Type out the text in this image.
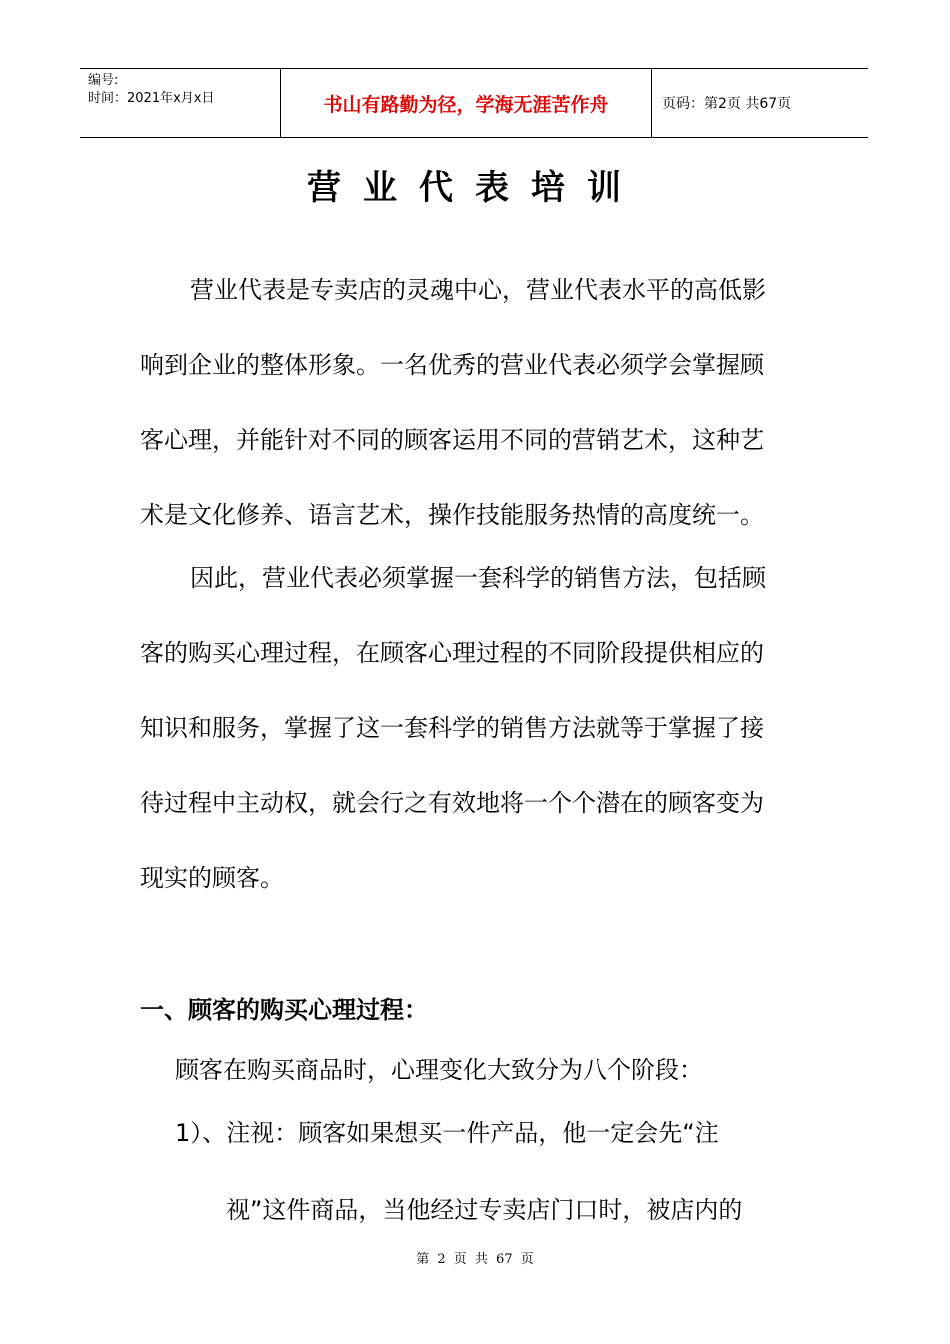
编号:
时间：2021年x月x日	书山有路勤为径，学海无涯苦作舟	页码：第2页 共67页
营业代表培训
营业代表是专卖店的灵魂中心，营业代表水平的高低影
响到企业的整体形象。一名优秀的营业代表必须学会掌握顾
客心理，并能针对不同的顾客运用不同的营销艺术，这种艺
术是文化修养、语言艺术，操作技能服务热情的高度统一。
因此，营业代表必须掌握一套科学的销售方法，包括顾
客的购买心理过程，在顾客心理过程的不同阶段提供相应的
知识和服务，掌握了这一套科学的销售方法就等于掌握了接
待过程中主动权，就会行之有效地将一个个潜在的顾客变为
现实的顾客。
一、顾客的购买心理过程：
顾客在购买商品时，心理变化大致分为八个阶段：
1）、注视：顾客如果想买一件产品，他一定会先“注
视”这件商品，当他经过专卖店门口时，被店内的
第 2 页 共 67 页
